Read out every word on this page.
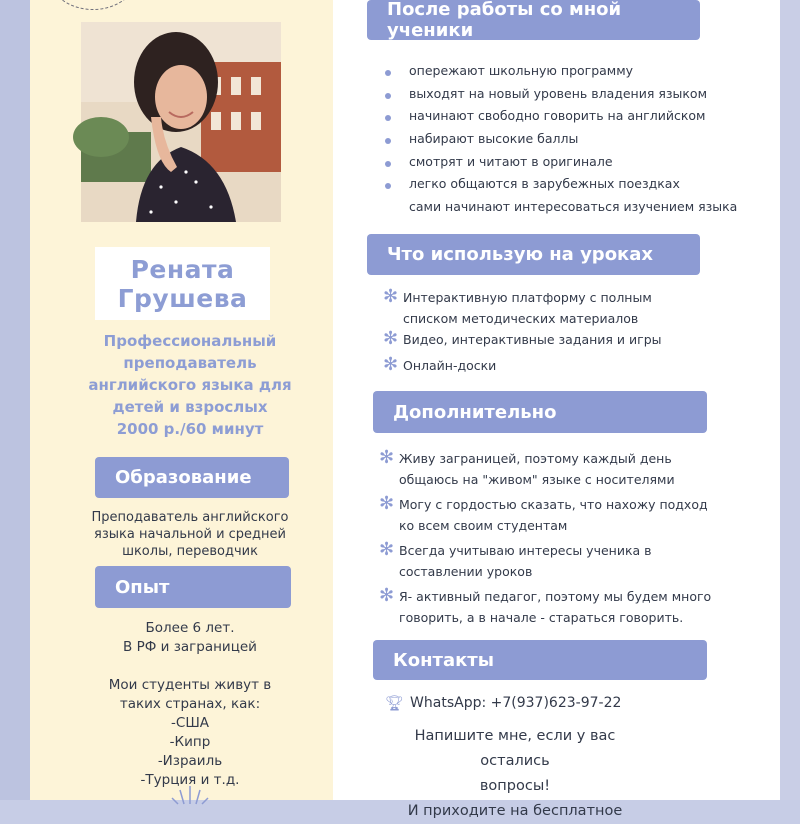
Рената
Грушева
Профессиональный
преподаватель
английского языка для
детей и взрослых
2000 р./60 минут
Образование
Преподаватель английского
языка начальной и средней
школы, переводчик
Опыт

Более 6 лет.

В РФ и заграницей

Мои студенты живут в

таких странах, как:

-США

-Кипр

-Израиль

-Турция и т.д.

После работы со мной ученики
опережают школьную программу
выходят на новый уровень владения языком
начинают свободно говорить на английском
набирают высокие баллы
смотрят и читают в оригинале
легко общаются в зарубежных поездках
сами начинают интересоваться изучением языка
Что использую на уроках
✻ Интерактивную платформу с полным
списком методических материалов
✻ Видео, интерактивные задания и игры
✻ Онлайн-доски
Дополнительно
✻ Живу заграницей, поэтому каждый день
общаюсь на "живом" языке с носителями
✻ Могу с гордостью сказать, что нахожу подход
ко всем своим студентам
✻ Всегда учитываю интересы ученика в
составлении уроков
✻ Я- активный педагог, поэтому мы будем много
говорить, а в начале - стараться говорить.
Контакты
🏆︎ WhatsApp: +7(937)623-97-22
Напишите мне, если у вас остались
вопросы!
И приходите на бесплатное
